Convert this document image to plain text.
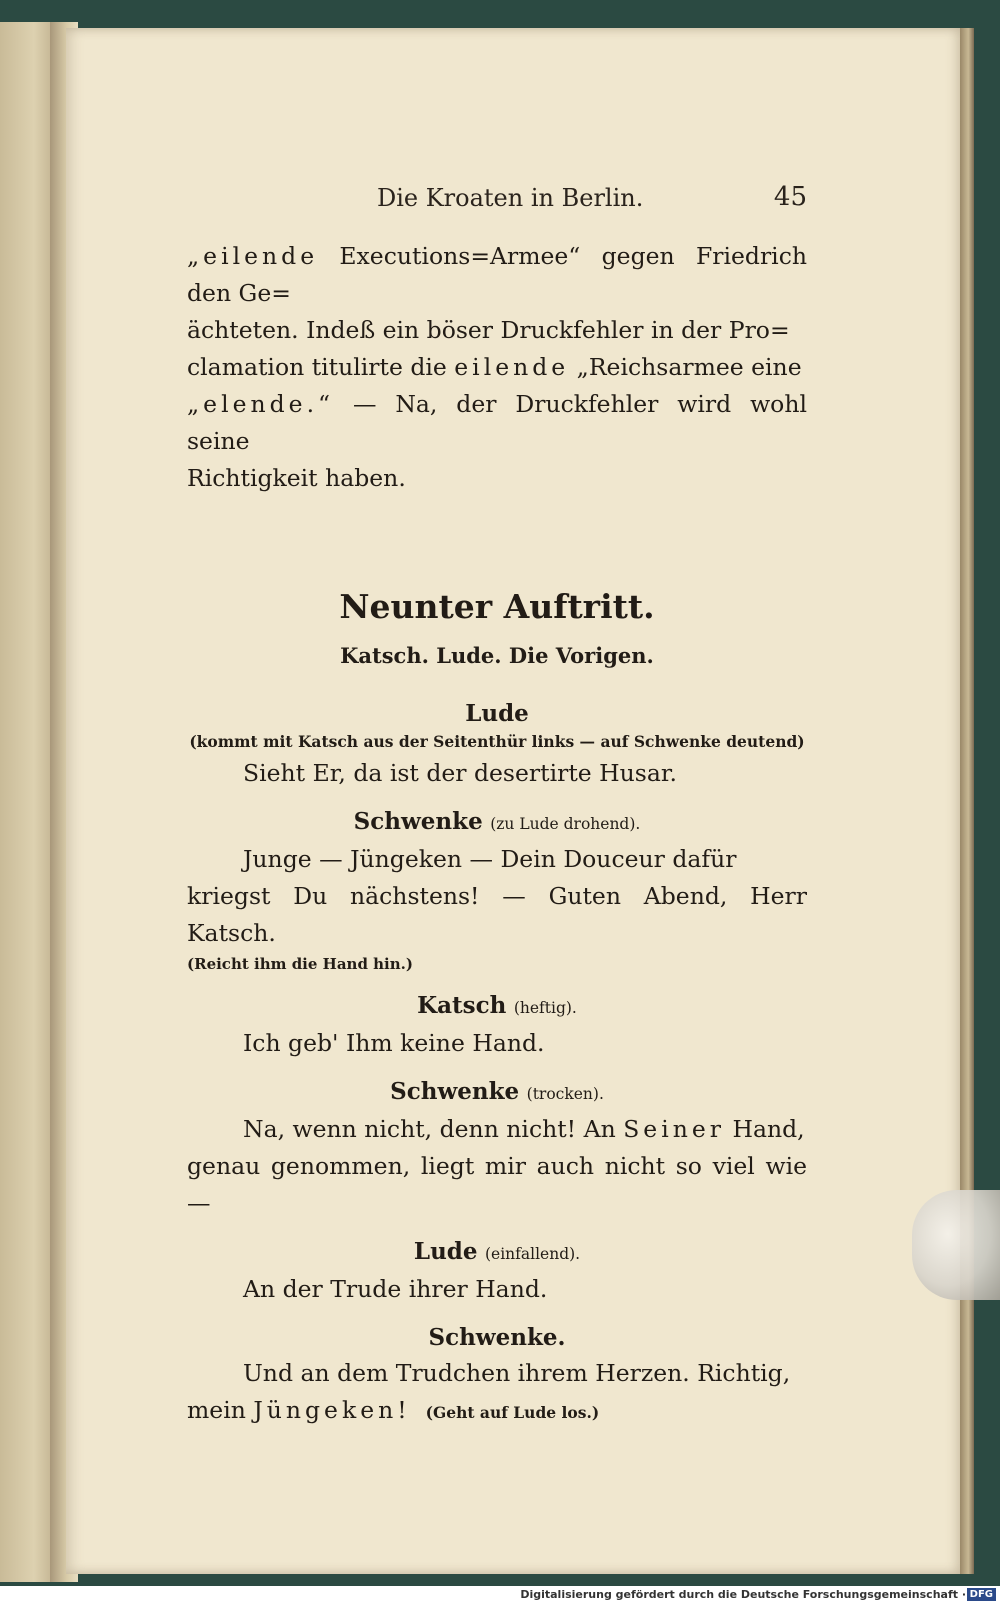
Die Kroaten in Berlin.	45

„eilende Executions=Armee“ gegen Friedrich den Ge=

ächteten. Indeß ein böser Druckfehler in der Pro=

clamation titulirte die eilende „Reichsarmee eine

„elende.“ — Na, der Druckfehler wird wohl seine

Richtigkeit haben.

Neunter Auftritt.
Katsch. Lude. Die Vorigen.
Lude
(kommt mit Katsch aus der Seitenthür links — auf Schwenke deutend)

Sieht Er, da ist der desertirte Husar.

Schwenke (zu Lude drohend).

Junge — Jüngeken — Dein Douceur dafür

kriegst Du nächstens! — Guten Abend, Herr Katsch.

(Reicht ihm die Hand hin.)

Katsch (heftig).

Ich geb' Ihm keine Hand.

Schwenke (trocken).

Na, wenn nicht, denn nicht! An Seiner Hand,

genau genommen, liegt mir auch nicht so viel wie —

Lude (einfallend).

An der Trude ihrer Hand.

Schwenke.

Und an dem Trudchen ihrem Herzen. Richtig,

mein Jüngeken! (Geht auf Lude los.)

Digitalisierung gefördert durch die Deutsche Forschungsgemeinschaft · DFG
